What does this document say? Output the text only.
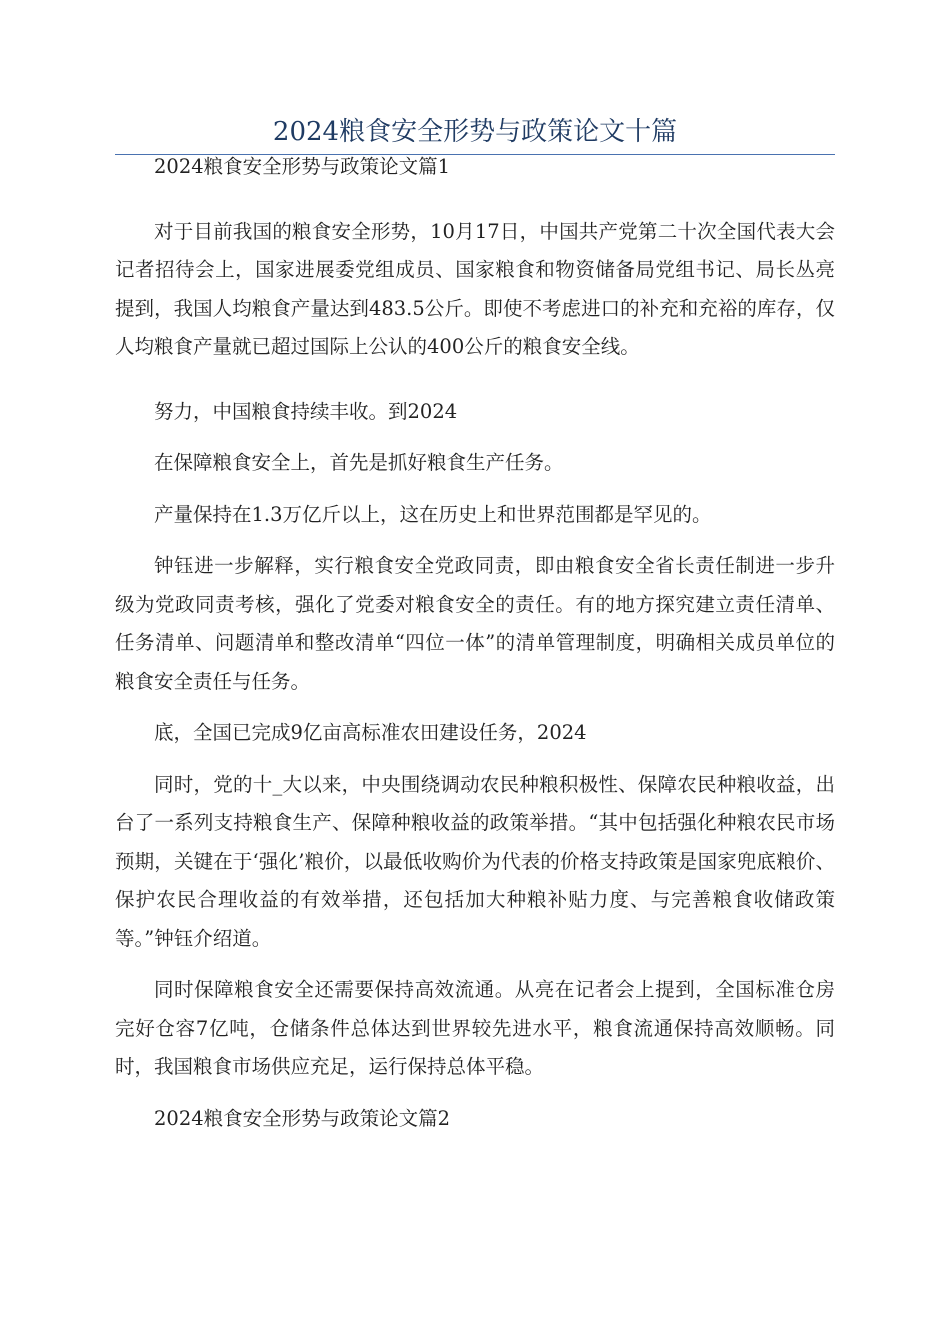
2024粮食安全形势与政策论文十篇

2024粮食安全形势与政策论文篇1

对于目前我国的粮食安全形势，10月17日，中国共产党第二十次全国代表大会记者招待会上，国家进展委党组成员、国家粮食和物资储备局党组书记、局长丛亮提到，我国人均粮食产量达到483.5公斤。即使不考虑进口的补充和充裕的库存，仅人均粮食产量就已超过国际上公认的400公斤的粮食安全线。

努力，中国粮食持续丰收。到2024

在保障粮食安全上，首先是抓好粮食生产任务。

产量保持在1.3万亿斤以上，这在历史上和世界范围都是罕见的。

钟钰进一步解释，实行粮食安全党政同责，即由粮食安全省长责任制进一步升级为党政同责考核，强化了党委对粮食安全的责任。有的地方探究建立责任清单、任务清单、问题清单和整改清单“四位一体”的清单管理制度，明确相关成员单位的粮食安全责任与任务。

底，全国已完成9亿亩高标准农田建设任务，2024

同时，党的十_大以来，中央围绕调动农民种粮积极性、保障农民种粮收益，出台了一系列支持粮食生产、保障种粮收益的政策举措。“其中包括强化种粮农民市场预期，关键在于‘强化’粮价，以最低收购价为代表的价格支持政策是国家兜底粮价、保护农民合理收益的有效举措，还包括加大种粮补贴力度、与完善粮食收储政策等。”钟钰介绍道。

同时保障粮食安全还需要保持高效流通。从亮在记者会上提到，全国标准仓房完好仓容7亿吨，仓储条件总体达到世界较先进水平，粮食流通保持高效顺畅。同时，我国粮食市场供应充足，运行保持总体平稳。

2024粮食安全形势与政策论文篇2
